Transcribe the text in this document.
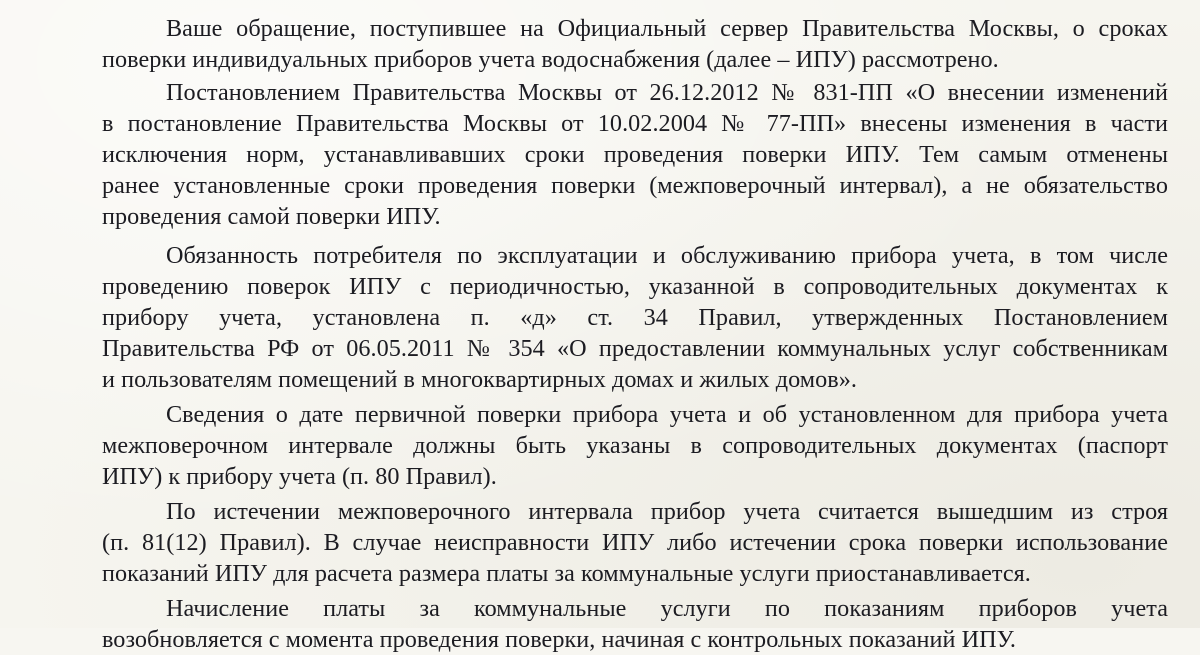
Ваше обращение, поступившее на Официальный сервер Правительства Москвы, о сроках
поверки индивидуальных приборов учета водоснабжения (далее – ИПУ) рассмотрено.
Постановлением Правительства Москвы от 26.12.2012 № 831-ПП «О внесении изменений
в постановление Правительства Москвы от 10.02.2004 № 77-ПП» внесены изменения в части
исключения норм, устанавливавших сроки проведения поверки ИПУ. Тем самым отменены
ранее установленные сроки проведения поверки (межповерочный интервал), а не обязательство
проведения самой поверки ИПУ.
Обязанность потребителя по эксплуатации и обслуживанию прибора учета, в том числе
проведению поверок ИПУ с периодичностью, указанной в сопроводительных документах к
прибору учета, установлена п. «д» ст. 34 Правил, утвержденных Постановлением
Правительства РФ от 06.05.2011 № 354 «О предоставлении коммунальных услуг собственникам
и пользователям помещений в многоквартирных домах и жилых домов».
Сведения о дате первичной поверки прибора учета и об установленном для прибора учета
межповерочном интервале должны быть указаны в сопроводительных документах (паспорт
ИПУ) к прибору учета (п. 80 Правил).
По истечении межповерочного интервала прибор учета считается вышедшим из строя
(п. 81(12) Правил). В случае неисправности ИПУ либо истечении срока поверки использование
показаний ИПУ для расчета размера платы за коммунальные услуги приостанавливается.
Начисление платы за коммунальные услуги по показаниям приборов учета
возобновляется с момента проведения поверки, начиная с контрольных показаний ИПУ.
